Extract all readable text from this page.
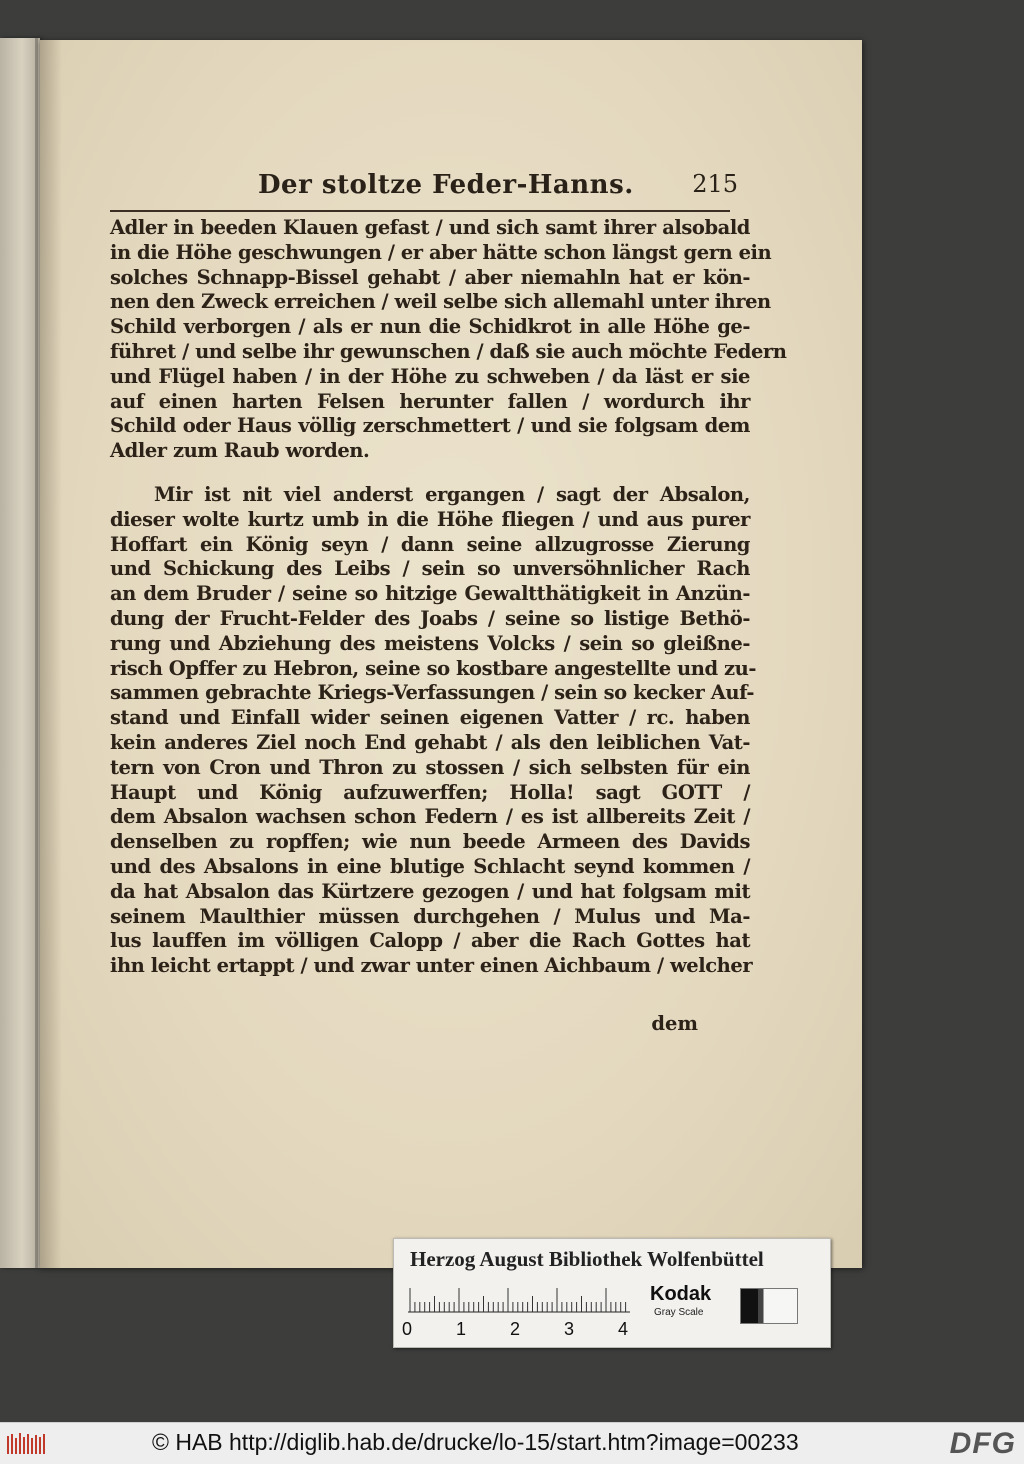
Der stoltze Feder-Hanns. 215
Adler in beeden Klauen gefast / und sich samt ihrer alsobald
in die Höhe geschwungen / er aber hätte schon längst gern ein
solches Schnapp-Bissel gehabt / aber niemahln hat er kön-
nen den Zweck erreichen / weil selbe sich allemahl unter ihren
Schild verborgen / als er nun die Schidkrot in alle Höhe ge-
führet / und selbe ihr gewunschen / daß sie auch möchte Federn
und Flügel haben / in der Höhe zu schweben / da läst er sie
auf einen harten Felsen herunter fallen / wordurch ihr
Schild oder Haus völlig zerschmettert / und sie folgsam dem
Adler zum Raub worden.
Mir ist nit viel anderst ergangen / sagt der Absalon,
dieser wolte kurtz umb in die Höhe fliegen / und aus purer
Hoffart ein König seyn / dann seine allzugrosse Zierung
und Schickung des Leibs / sein so unversöhnlicher Rach
an dem Bruder / seine so hitzige Gewaltthätigkeit in Anzün-
dung der Frucht-Felder des Joabs / seine so listige Bethö-
rung und Abziehung des meistens Volcks / sein so gleißne-
risch Opffer zu Hebron, seine so kostbare angestellte und zu-
sammen gebrachte Kriegs-Verfassungen / sein so kecker Auf-
stand und Einfall wider seinen eigenen Vatter / rc. haben
kein anderes Ziel noch End gehabt / als den leiblichen Vat-
tern von Cron und Thron zu stossen / sich selbsten für ein
Haupt und König aufzuwerffen; Holla! sagt GOTT /
dem Absalon wachsen schon Federn / es ist allbereits Zeit /
denselben zu ropffen; wie nun beede Armeen des Davids
und des Absalons in eine blutige Schlacht seynd kommen /
da hat Absalon das Kürtzere gezogen / und hat folgsam mit
seinem Maulthier müssen durchgehen / Mulus und Ma-
lus lauffen im völligen Calopp / aber die Rach Gottes hat
ihn leicht ertappt / und zwar unter einen Aichbaum / welcher
dem
Herzog August Bibliothek Wolfenbüttel
0 1 2 3 4
Kodak
Gray Scale
© HAB http://diglib.hab.de/drucke/lo-15/start.htm?image=00233	DFG
